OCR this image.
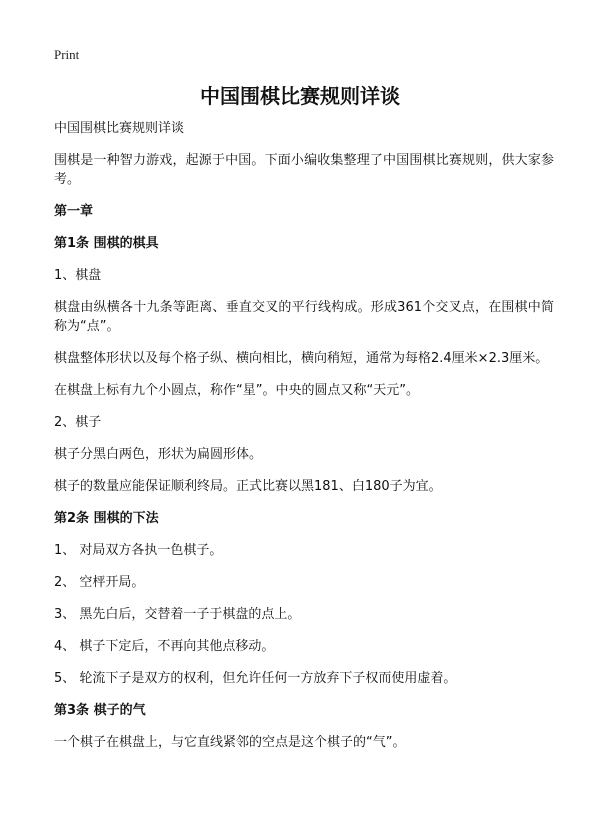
Print
中国围棋比赛规则详谈

中国围棋比赛规则详谈

围棋是一种智力游戏，起源于中国。下面小编收集整理了中国围棋比赛规则，供大家参考。

第一章

第1条 围棋的棋具

1、棋盘

棋盘由纵横各十九条等距离、垂直交叉的平行线构成。形成361个交叉点，在围棋中简称为“点”。

棋盘整体形状以及每个格子纵、横向相比，横向稍短，通常为每格2.4厘米×2.3厘米。

在棋盘上标有九个小圆点，称作“星”。中央的圆点又称“天元”。

2、棋子

棋子分黑白两色，形状为扁圆形体。

棋子的数量应能保证顺利终局。正式比赛以黑181、白180子为宜。

第2条 围棋的下法

1、 对局双方各执一色棋子。

2、 空枰开局。

3、 黑先白后，交替着一子于棋盘的点上。

4、 棋子下定后，不再向其他点移动。

5、 轮流下子是双方的权利，但允许任何一方放弃下子权而使用虚着。

第3条 棋子的气

一个棋子在棋盘上，与它直线紧邻的空点是这个棋子的“气”。
